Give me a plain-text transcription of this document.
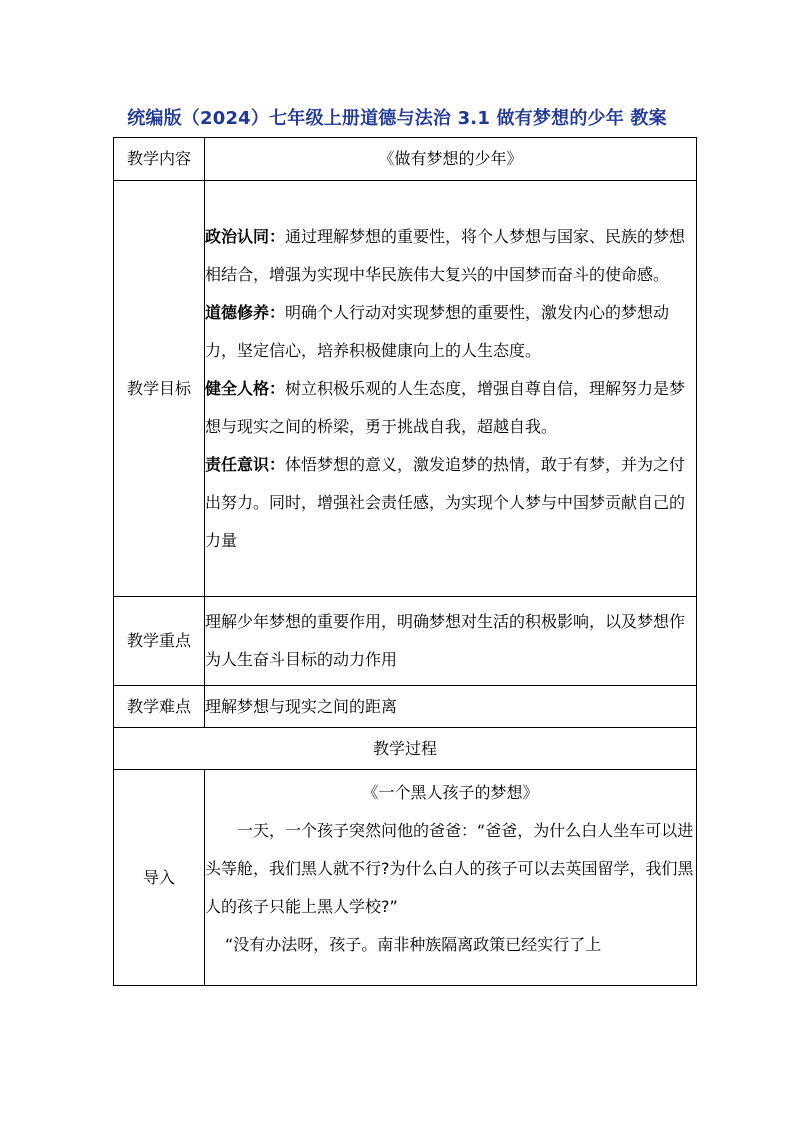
统编版（2024）七年级上册道德与法治 3.1 做有梦想的少年 教案
教学内容	《做有梦想的少年》
教学目标	政治认同：通过理解梦想的重要性，将个人梦想与国家、民族的梦想相结合，增强为实现中华民族伟大复兴的中国梦而奋斗的使命感。

道德修养：明确个人行动对实现梦想的重要性，激发内心的梦想动力，坚定信心，培养积极健康向上的人生态度。

健全人格：树立积极乐观的人生态度，增强自尊自信，理解努力是梦想与现实之间的桥梁，勇于挑战自我，超越自我。

责任意识：体悟梦想的意义，激发追梦的热情，敢于有梦，并为之付出努力。同时，增强社会责任感，为实现个人梦与中国梦贡献自己的力量

教学重点	理解少年梦想的重要作用，明确梦想对生活的积极影响，以及梦想作为人生奋斗目标的动力作用
教学难点	理解梦想与现实之间的距离
教学过程	
导入	《一个黑人孩子的梦想》

一天，一个孩子突然问他的爸爸：“爸爸，为什么白人坐车可以进头等舱，我们黑人就不行?为什么白人的孩子可以去英国留学，我们黑人的孩子只能上黑人学校?”

“没有办法呀，孩子。南非种族隔离政策已经实行了上
